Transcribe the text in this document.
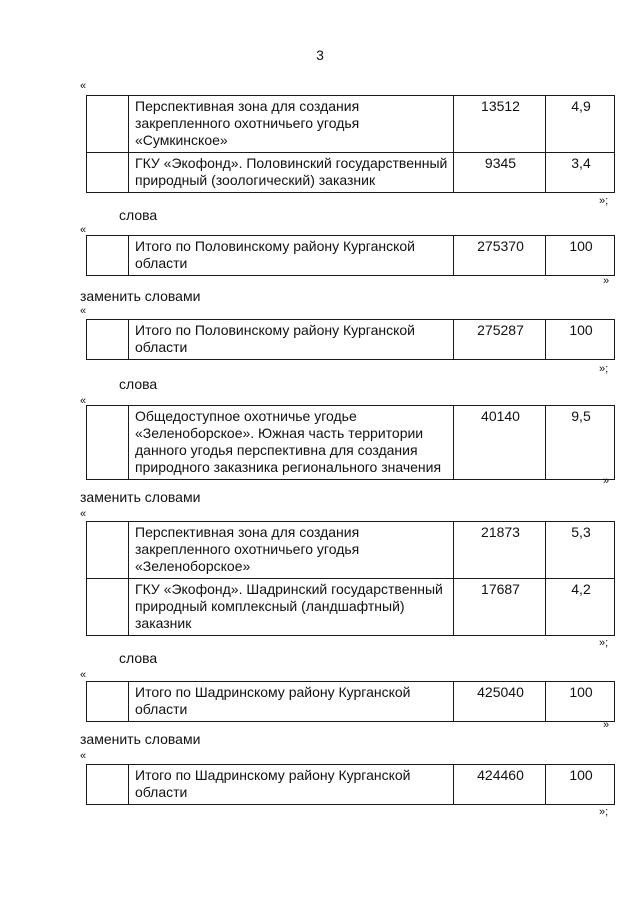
3
«
	Перспективная зона для создания закрепленного охотничьего угодья «Сумкинское»	13512	4,9
	ГКУ «Экофонд». Половинский государственный природный (зоологический) заказник	9345	3,4
»;
слова
«
	Итого по Половинскому району Курганской области	275370	100
»
заменить словами
«
	Итого по Половинскому району Курганской области	275287	100
»;
слова
«
	Общедоступное охотничье угодье «Зеленоборское». Южная часть территории данного угодья перспективна для создания природного заказника регионального значения	40140	9,5
»
заменить словами
«
	Перспективная зона для создания закрепленного охотничьего угодья «Зеленоборское»	21873	5,3
	ГКУ «Экофонд». Шадринский государственный природный комплексный (ландшафтный) заказник	17687	4,2
»;
слова
«
	Итого по Шадринскому району Курганской области	425040	100
»
заменить словами
«
	Итого по Шадринскому району Курганской области	424460	100
»;
